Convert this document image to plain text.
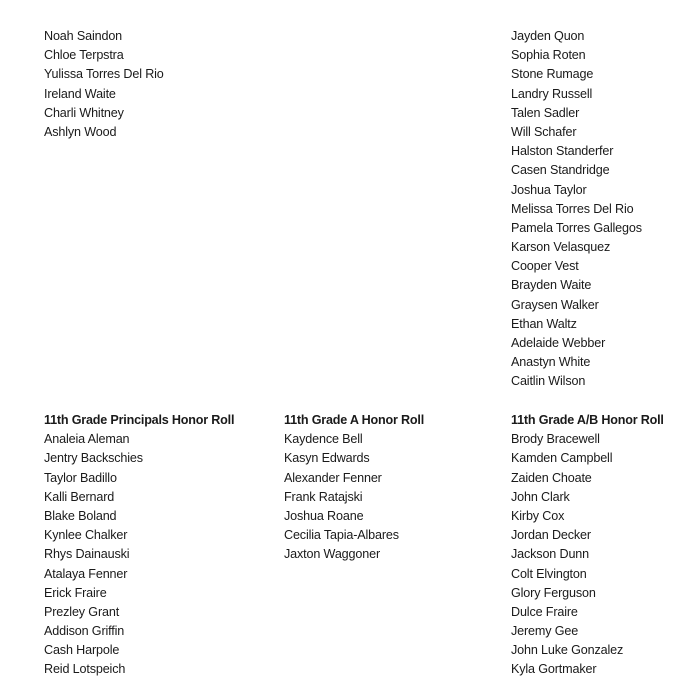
Noah Saindon
Chloe Terpstra
Yulissa Torres Del Rio
Ireland Waite
Charli Whitney
Ashlyn Wood
Jayden Quon
Sophia Roten
Stone Rumage
Landry Russell
Talen Sadler
Will Schafer
Halston Standerfer
Casen Standridge
Joshua Taylor
Melissa Torres Del Rio
Pamela Torres Gallegos
Karson Velasquez
Cooper Vest
Brayden Waite
Graysen Walker
Ethan Waltz
Adelaide Webber
Anastyn White
Caitlin Wilson
11th Grade Principals Honor Roll
Analeia Aleman
Jentry Backschies
Taylor Badillo
Kalli Bernard
Blake Boland
Kynlee Chalker
Rhys Dainauski
Atalaya Fenner
Erick Fraire
Prezley Grant
Addison Griffin
Cash Harpole
Reid Lotspeich
11th Grade A Honor Roll
Kaydence Bell
Kasyn Edwards
Alexander Fenner
Frank Ratajski
Joshua Roane
Cecilia Tapia-Albares
Jaxton Waggoner
11th Grade A/B Honor Roll
Brody Bracewell
Kamden Campbell
Zaiden Choate
John Clark
Kirby Cox
Jordan Decker
Jackson Dunn
Colt Elvington
Glory Ferguson
Dulce Fraire
Jeremy Gee
John Luke Gonzalez
Kyla Gortmaker
